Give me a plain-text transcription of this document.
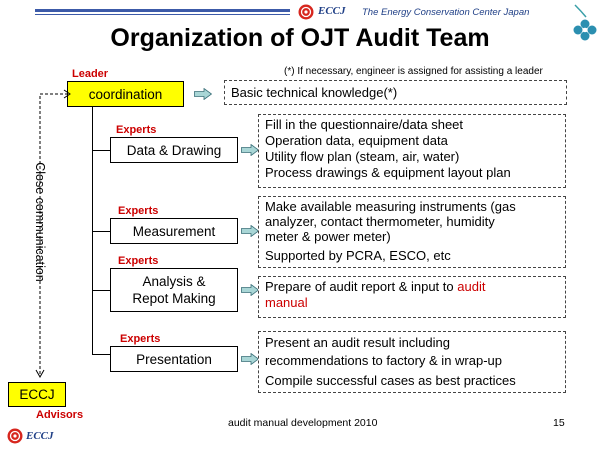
ECCJ The Energy Conservation Center Japan
Organization of OJT Audit Team
(*) If necessary, engineer is assigned for assisting a leader
Leader
coordination	Basic technical knowledge(*)
Experts
Data & Drawing
Fill in the questionnaire/data sheet
Operation data, equipment data
Utility flow plan (steam, air, water)
Process drawings & equipment layout plan
Experts
Measurement
Make available measuring instruments (gas
analyzer, contact thermometer, humidity
meter & power meter)
Supported by PCRA, ESCO, etc
Experts
Analysis &
Repot Making
Prepare of audit report & input to audit
manual
Experts
Presentation
Present an audit result including
recommendations to factory & in wrap-up
Compile successful cases as best practices
Close communication
ECCJ
Advisors
audit manual development 2010	15
ECCJ
